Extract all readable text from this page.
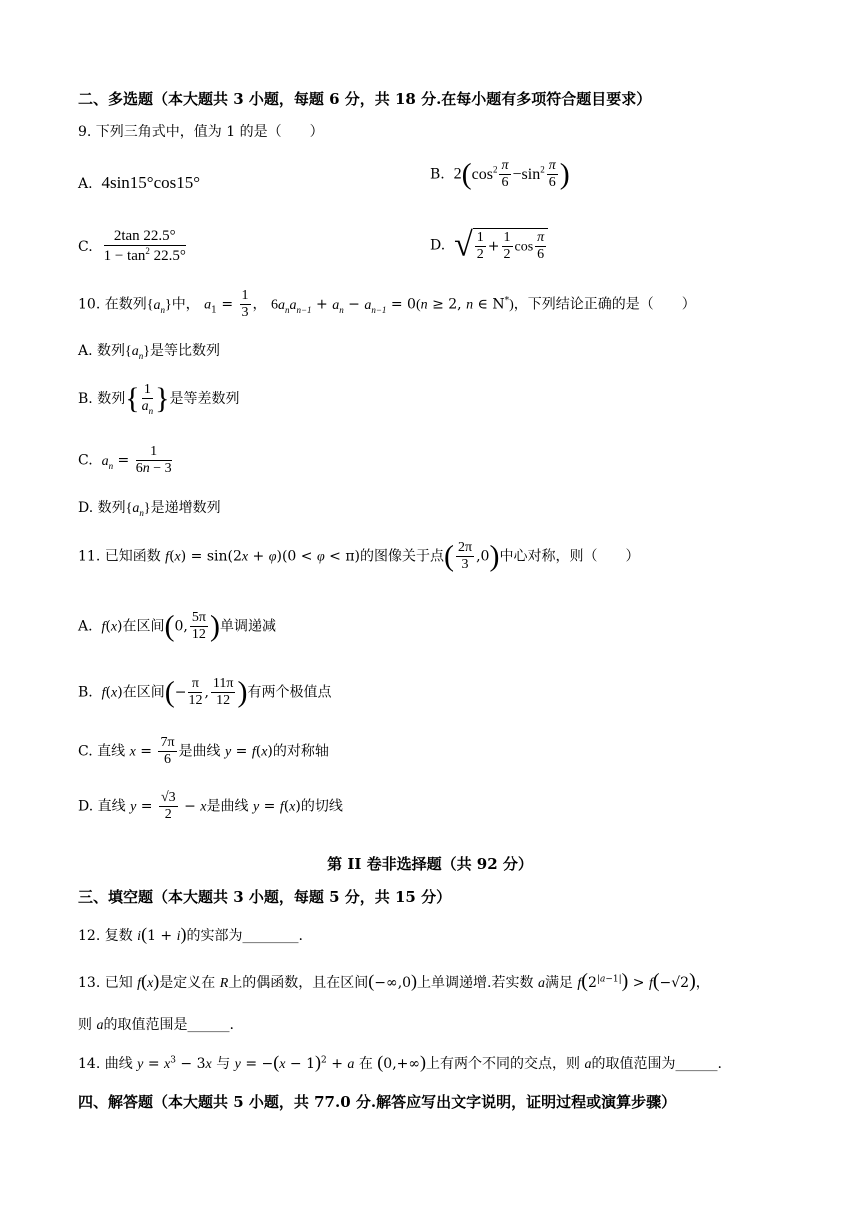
二、多选题（本大题共 3 小题，每题 6 分，共 18 分.在每小题有多项符合题目要求）
9. 下列三角式中，值为 1 的是（　　）
A. 4sin15°cos15°	B. $2(\cos^2 \frac{\pi}{6} -\sin^2 \frac{\pi}{6}$ )
C. $\frac{2\tan 22.5^\circ}{1 - \tan^2 22.5^\circ}$	D. √ $\frac{1}{2} + \frac{1}{2}$ $\cos \frac{\pi}{6}$
10. 在数列$\{a_n\}$中， $a_1 = \frac{1}{3}$ ， $6a_na_{n-1} + a_n - a_{n-1} = 0(n \ge 2$, n ∈ N*)，下列结论正确的是（　　）
A. 数列$\{a_n\}$是等比数列
B. 数列{ $\frac{1}{a_n}$ }是等差数列
C. $a_n = \frac{1}{6n - 3}$
D. 数列$\{a_n\}$是递增数列
11. 已知函数 f(x) = sin(2x + φ)(0 < φ < π)的图像关于点( $\frac{2\pi}{3} ,0$)中心对称，则（　　）
A. f(x)在区间(0, $\frac{5\pi}{12}$ )单调递减
B. f(x)在区间(− $\frac{\pi}{12}$ , $\frac{11\pi}{12}$ )有两个极值点
C. 直线 $x = \frac{7\pi}{6}$ 是曲线 y = f(x)的对称轴
D. 直线 $y = \frac{√3}{2} - x$是曲线 y = f(x)的切线
第 II 卷非选择题（共 92 分）
三、填空题（本大题共 3 小题，每题 5 分，共 15 分）
12. 复数 i(1 + i)的实部为________.
13. 已知 f(x)是定义在 R上的偶函数，且在区间(−∞,0)上单调递增.若实数 a满足 $f(2^{|a-1|}) > f(-√2)$，
则 a的取值范围是______.
14. 曲线 $y = x^3 - 3x$ 与 $y = -(x - 1)^2 + a$ 在 (0,+∞)上有两个不同的交点，则 a的取值范围为______.
四、解答题（本大题共 5 小题，共 77.0 分.解答应写出文字说明，证明过程或演算步骤）
